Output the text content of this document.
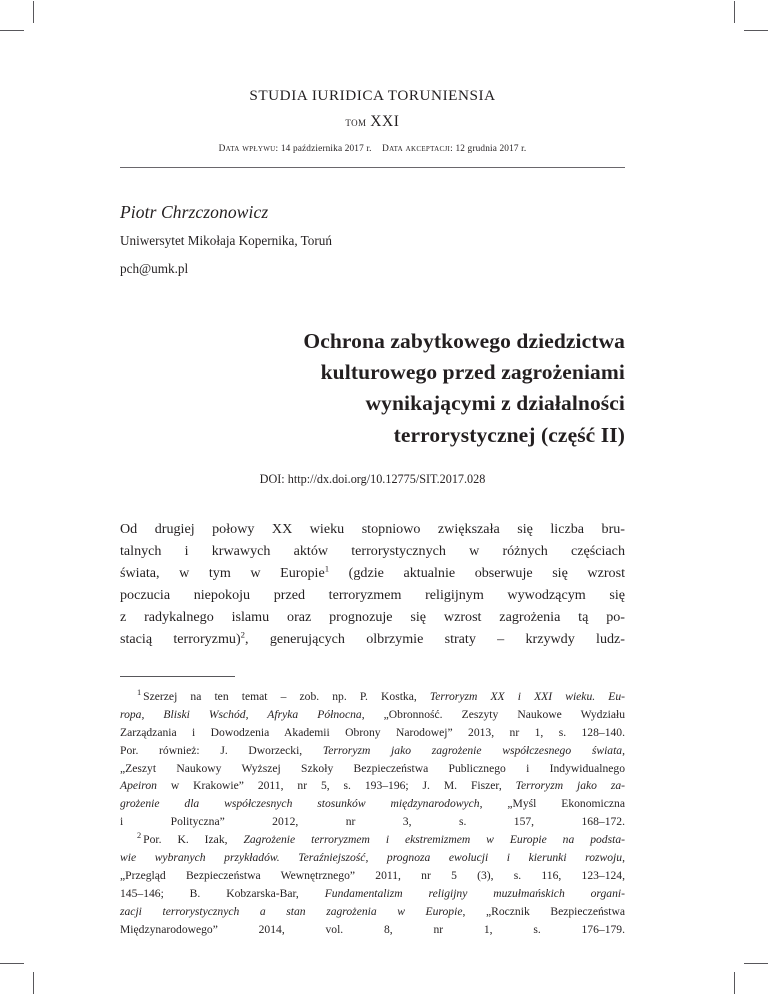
STUDIA IURIDICA TORUNIENSIA
tom XXI
Data wpływu: 14 października 2017 r. Data akceptacji: 12 grudnia 2017 r.
Piotr Chrzczonowicz
Uniwersytet Mikołaja Kopernika, Toruń
pch@umk.pl
Ochrona zabytkowego dziedzictwa
kulturowego przed zagrożeniami
wynikającymi z działalności
terrorystycznej (część II)
DOI: http://dx.doi.org/10.12775/SIT.2017.028

Od drugiej połowy XX wieku stopniowo zwiększała się liczba bru-
talnych i krwawych aktów terrorystycznych w różnych częściach
świata, w tym w Europie$^1$ (gdzie aktualnie obserwuje się wzrost
poczucia niepokoju przed terroryzmem religijnym wywodzącym się
z radykalnego islamu oraz prognozuje się wzrost zagrożenia tą po-
stacią terroryzmu)$^2$, generujących olbrzymie straty – krzywdy ludz-

$^1$ Szerzej na ten temat – zob. np. P. Kostka, Terroryzm XX i XXI wieku. Eu-
ropa, Bliski Wschód, Afryka Północna, „Obronność. Zeszyty Naukowe Wydziału
Zarządzania i Dowodzenia Akademii Obrony Narodowej” 2013, nr 1, s. 128–140.
Por. również: J. Dworzecki, Terroryzm jako zagrożenie współczesnego świata,
„Zeszyt Naukowy Wyższej Szkoły Bezpieczeństwa Publicznego i Indywidualnego
Apeiron w Krakowie” 2011, nr 5, s. 193–196; J. M. Fiszer, Terroryzm jako za-
grożenie dla współczesnych stosunków międzynarodowych, „Myśl Ekonomiczna
i Polityczna” 2012, nr 3, s. 157, 168–172.

$^2$ Por. K. Izak, Zagrożenie terroryzmem i ekstremizmem w Europie na podsta-
wie wybranych przykładów. Teraźniejszość, prognoza ewolucji i kierunki rozwoju,
„Przegląd Bezpieczeństwa Wewnętrznego” 2011, nr 5 (3), s. 116, 123–124,
145–146; B. Kobzarska-Bar, Fundamentalizm religijny muzułmańskich organi-
zacji terrorystycznych a stan zagrożenia w Europie, „Rocznik Bezpieczeństwa
Międzynarodowego” 2014, vol. 8, nr 1, s. 176–179.
